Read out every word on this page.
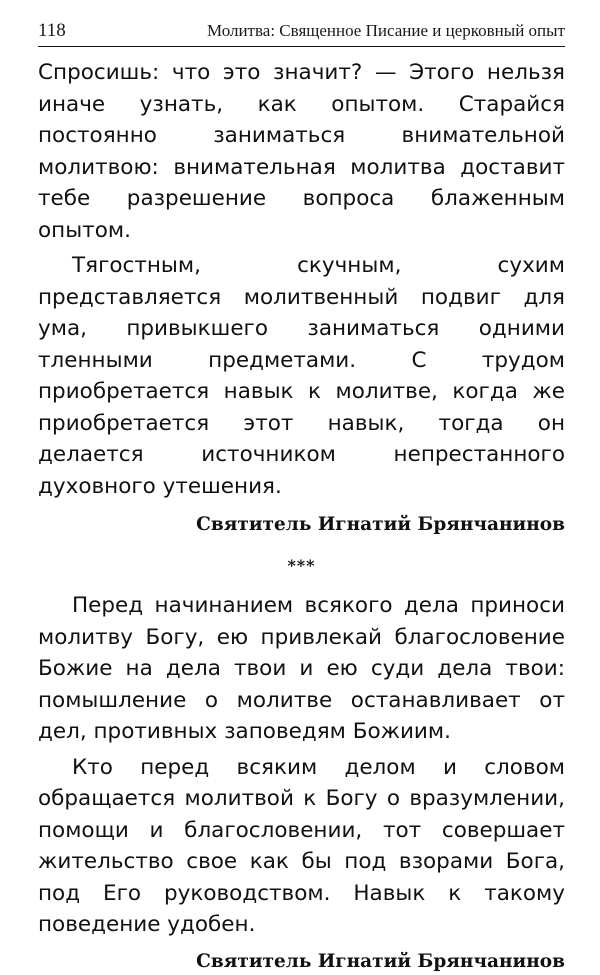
118	Молитва: Священное Писание и церковный опыт

Спросишь: что это значит? — Этого нельзя иначе узнать, как опытом. Старайся постоянно заниматься внимательной молитвою: внимательная молитва доставит тебе разрешение вопроса блаженным опытом.

Тягостным, скучным, сухим представляется молитвенный подвиг для ума, привыкшего заниматься одними тленными предметами. С трудом приобретается навык к молитве, когда же приобретается этот навык, тогда он делается источником непрестанного духовного утешения.

Святитель Игнатий Брянчанинов

***

Перед начинанием всякого дела приноси молитву Богу, ею привлекай благословение Божие на дела твои и ею суди дела твои: помышление о молитве останавливает от дел, противных заповедям Божиим.

Кто перед всяким делом и словом обращается молитвой к Богу о вразумлении, помощи и благословении, тот совершает жительство свое как бы под взорами Бога, под Его руководством. Навык к такому поведение удобен.

Святитель Игнатий Брянчанинов
